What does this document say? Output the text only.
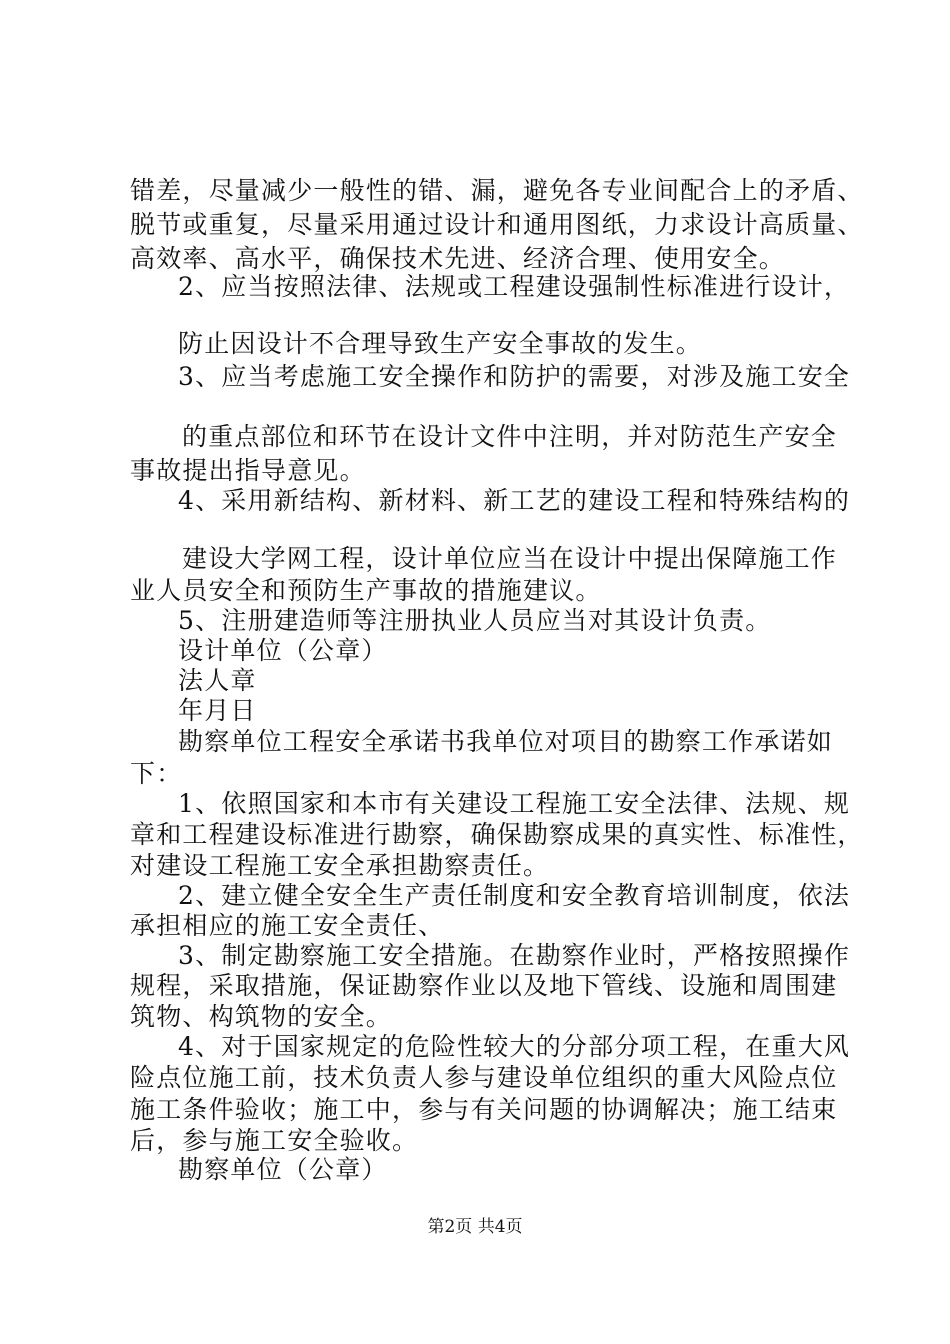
错差，尽量减少一般性的错、漏，避免各专业间配合上的矛盾、
脱节或重复，尽量采用通过设计和通用图纸，力求设计高质量、
高效率、高水平，确保技术先进、经济合理、使用安全。
2、应当按照法律、法规或工程建设强制性标准进行设计，
防止因设计不合理导致生产安全事故的发生。
3、应当考虑施工安全操作和防护的需要，对涉及施工安全
的重点部位和环节在设计文件中注明，并对防范生产安全
事故提出指导意见。
4、采用新结构、新材料、新工艺的建设工程和特殊结构的
建设大学网工程，设计单位应当在设计中提出保障施工作
业人员安全和预防生产事故的措施建议。
5、注册建造师等注册执业人员应当对其设计负责。
设计单位（公章）
法人章
年月日
勘察单位工程安全承诺书我单位对项目的勘察工作承诺如
下：
1、依照国家和本市有关建设工程施工安全法律、法规、规
章和工程建设标准进行勘察，确保勘察成果的真实性、标准性，
对建设工程施工安全承担勘察责任。
2、建立健全安全生产责任制度和安全教育培训制度，依法
承担相应的施工安全责任、
3、制定勘察施工安全措施。在勘察作业时，严格按照操作
规程，采取措施，保证勘察作业以及地下管线、设施和周围建
筑物、构筑物的安全。
4、对于国家规定的危险性较大的分部分项工程，在重大风
险点位施工前，技术负责人参与建设单位组织的重大风险点位
施工条件验收；施工中，参与有关问题的协调解决；施工结束
后，参与施工安全验收。
勘察单位（公章）
第2页 共4页
